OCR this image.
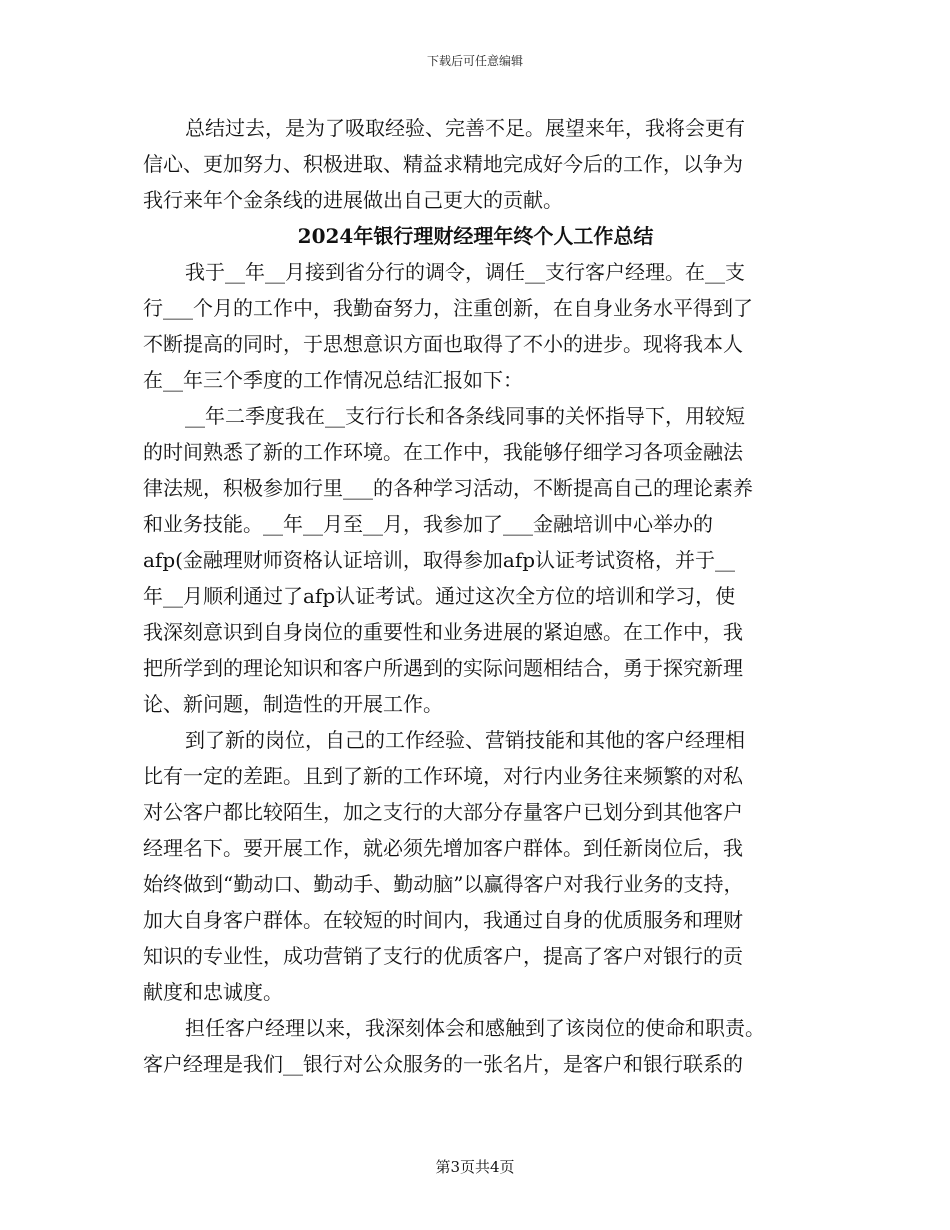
下载后可任意编辑
总结过去，是为了吸取经验、完善不足。展望来年，我将会更有
信心、更加努力、积极进取、精益求精地完成好今后的工作，以争为
我行来年个金条线的进展做出自己更大的贡献。
2024年银行理财经理年终个人工作总结
我于__年__月接到省分行的调令，调任__支行客户经理。在__支
行___个月的工作中，我勤奋努力，注重创新，在自身业务水平得到了
不断提高的同时，于思想意识方面也取得了不小的进步。现将我本人
在__年三个季度的工作情况总结汇报如下：
__年二季度我在__支行行长和各条线同事的关怀指导下，用较短
的时间熟悉了新的工作环境。在工作中，我能够仔细学习各项金融法
律法规，积极参加行里___的各种学习活动，不断提高自己的理论素养
和业务技能。__年__月至__月，我参加了___金融培训中心举办的
afp(金融理财师资格认证培训，取得参加afp认证考试资格，并于__
年__月顺利通过了afp认证考试。通过这次全方位的培训和学习，使
我深刻意识到自身岗位的重要性和业务进展的紧迫感。在工作中，我
把所学到的理论知识和客户所遇到的实际问题相结合，勇于探究新理
论、新问题，制造性的开展工作。
到了新的岗位，自己的工作经验、营销技能和其他的客户经理相
比有一定的差距。且到了新的工作环境，对行内业务往来频繁的对私
对公客户都比较陌生，加之支行的大部分存量客户已划分到其他客户
经理名下。要开展工作，就必须先增加客户群体。到任新岗位后，我
始终做到“勤动口、勤动手、勤动脑”以赢得客户对我行业务的支持，
加大自身客户群体。在较短的时间内，我通过自身的优质服务和理财
知识的专业性，成功营销了支行的优质客户，提高了客户对银行的贡
献度和忠诚度。
担任客户经理以来，我深刻体会和感触到了该岗位的使命和职责。
客户经理是我们__银行对公众服务的一张名片，是客户和银行联系的
第3页共4页
